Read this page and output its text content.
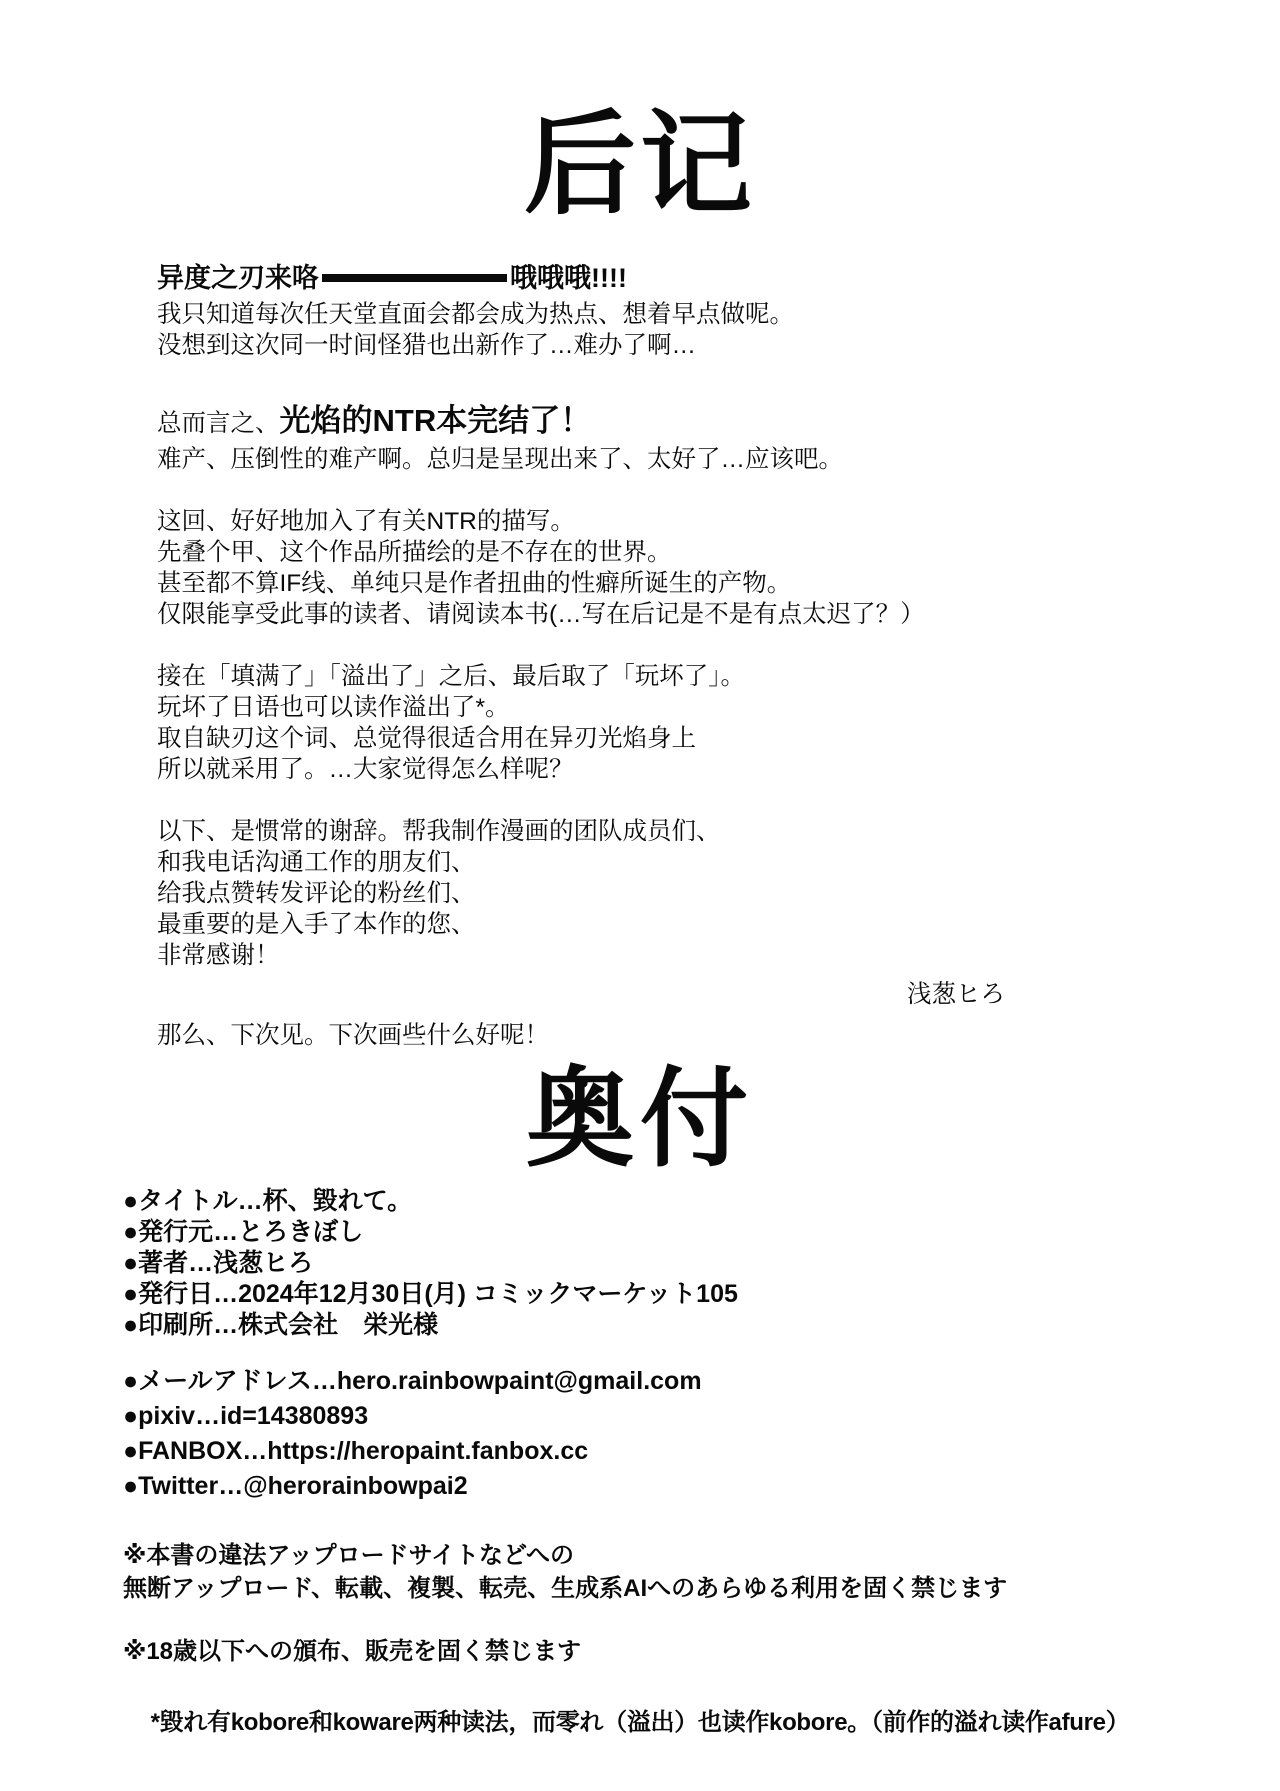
后记
异度之刃来咯	哦哦哦!!!!
我只知道每次任天堂直面会都会成为热点、想着早点做呢。
没想到这次同一时间怪猎也出新作了…难办了啊…
总而言之、 光焰的NTR本完结了！
难产、压倒性的难产啊。总归是呈现出来了、太好了…应该吧。
这回、好好地加入了有关NTR的描写。
先叠个甲、这个作品所描绘的是不存在的世界。
甚至都不算IF线、单纯只是作者扭曲的性癖所诞生的产物。
仅限能享受此事的读者、请阅读本书(…写在后记是不是有点太迟了？）
接在「填满了」「溢出了」之后、最后取了「玩坏了」。
玩坏了日语也可以读作溢出了*。
取自缺刃这个词、总觉得很适合用在异刃光焰身上
所以就采用了。…大家觉得怎么样呢？
以下、是惯常的谢辞。帮我制作漫画的团队成员们、
和我电话沟通工作的朋友们、
给我点赞转发评论的粉丝们、
最重要的是入手了本作的您、
非常感谢！
浅葱ヒろ
那么、下次见。下次画些什么好呢！
奥付
●タイトル…杯、毀れて。
●発行元…とろきぼし
●著者…浅葱ヒろ
●発行日…2024年12月30日(月) コミックマーケット105
●印刷所…株式会社　栄光様
●メールアドレス…hero.rainbowpaint@gmail.com
●pixiv…id=14380893
●FANBOX…https://heropaint.fanbox.cc
●Twitter…@herorainbowpai2
※本書の違法アップロードサイトなどへの
無断アップロード、転載、複製、転売、生成系AIへのあらゆる利用を固く禁じます
※18歳以下への頒布、販売を固く禁じます
*毀れ有kobore和koware两种读法，而零れ（溢出）也读作kobore。（前作的溢れ读作afure）
